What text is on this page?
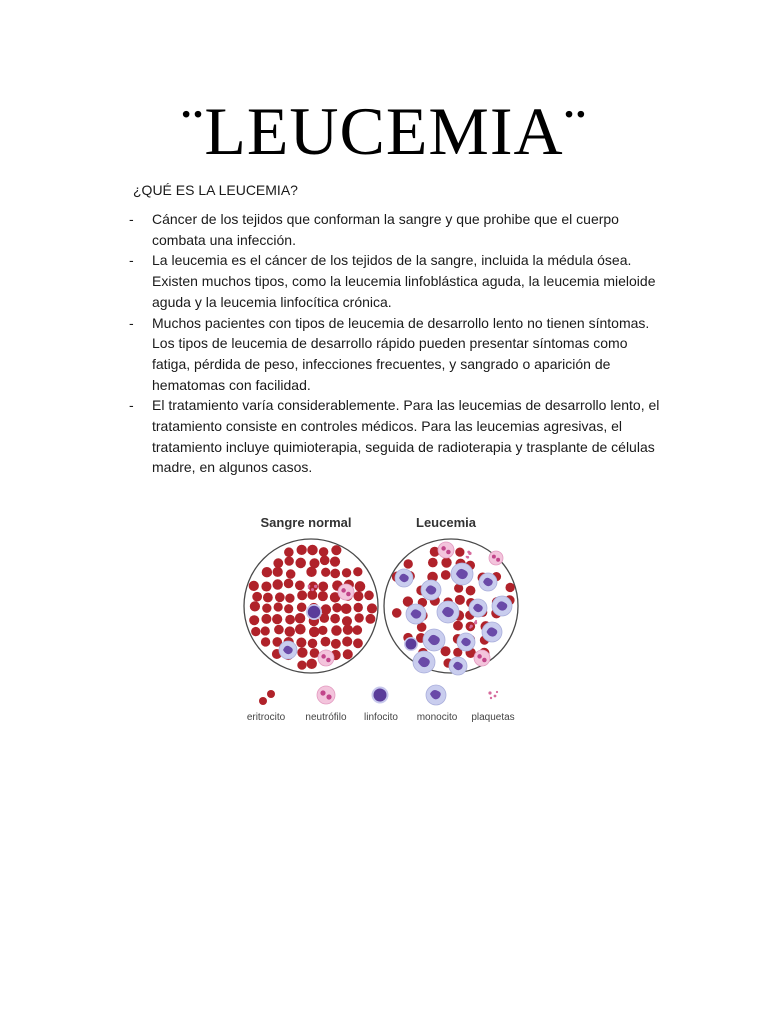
¨LEUCEMIA¨
¿QUÉ ES LA LEUCEMIA?
- Cáncer de los tejidos que conforman la sangre y que prohibe que el cuerpo
combata una infección.
- La leucemia es el cáncer de los tejidos de la sangre, incluida la médula ósea.
Existen muchos tipos, como la leucemia linfoblástica aguda, la leucemia mieloide
aguda y la leucemia linfocítica crónica.
- Muchos pacientes con tipos de leucemia de desarrollo lento no tienen síntomas.
Los tipos de leucemia de desarrollo rápido pueden presentar síntomas como
fatiga, pérdida de peso, infecciones frecuentes, y sangrado o aparición de
hematomas con facilidad.
- El tratamiento varía considerablemente. Para las leucemias de desarrollo lento, el
tratamiento consiste en controles médicos. Para las leucemias agresivas, el
tratamiento incluye quimioterapia, seguida de radioterapia y trasplante de células
madre, en algunos casos.
Sangre normal	Leucemia
eritrocito neutrófilo linfocito monocito plaquetas
